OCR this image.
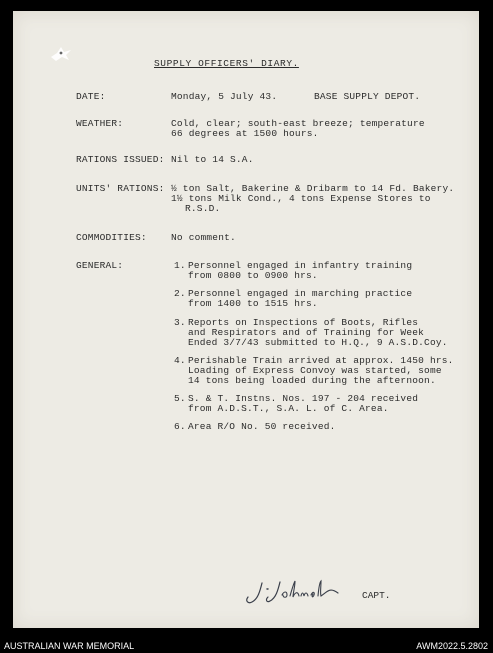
SUPPLY OFFICERS' DIARY.
DATE:	Monday, 5 July 43.	BASE SUPPLY DEPOT.
WEATHER:	Cold, clear; south-east breeze; temperature
66 degrees at 1500 hours.
RATIONS ISSUED: Nil to 14 S.A.
UNITS' RATIONS: ½ ton Salt, Bakerine & Dribarm to 14 Fd. Bakery.
1½ tons Milk Cond., 4 tons Expense Stores to
R.S.D.
COMMODITIES:	No comment.
GENERAL:	1. Personnel engaged in infantry training
from 0800 to 0900 hrs.
2. Personnel engaged in marching practice
from 1400 to 1515 hrs.
3. Reports on Inspections of Boots, Rifles
and Respirators and of Training for Week
Ended 3/7/43 submitted to H.Q., 9 A.S.D.Coy.
4. Perishable Train arrived at approx. 1450 hrs.
Loading of Express Convoy was started, some
14 tons being loaded during the afternoon.
5. S. & T. Instns. Nos. 197 - 204 received
from A.D.S.T., S.A. L. of C. Area.
6. Area R/O No. 50 received.
CAPT.
AUSTRALIAN WAR MEMORIAL	AWM2022.5.2802
